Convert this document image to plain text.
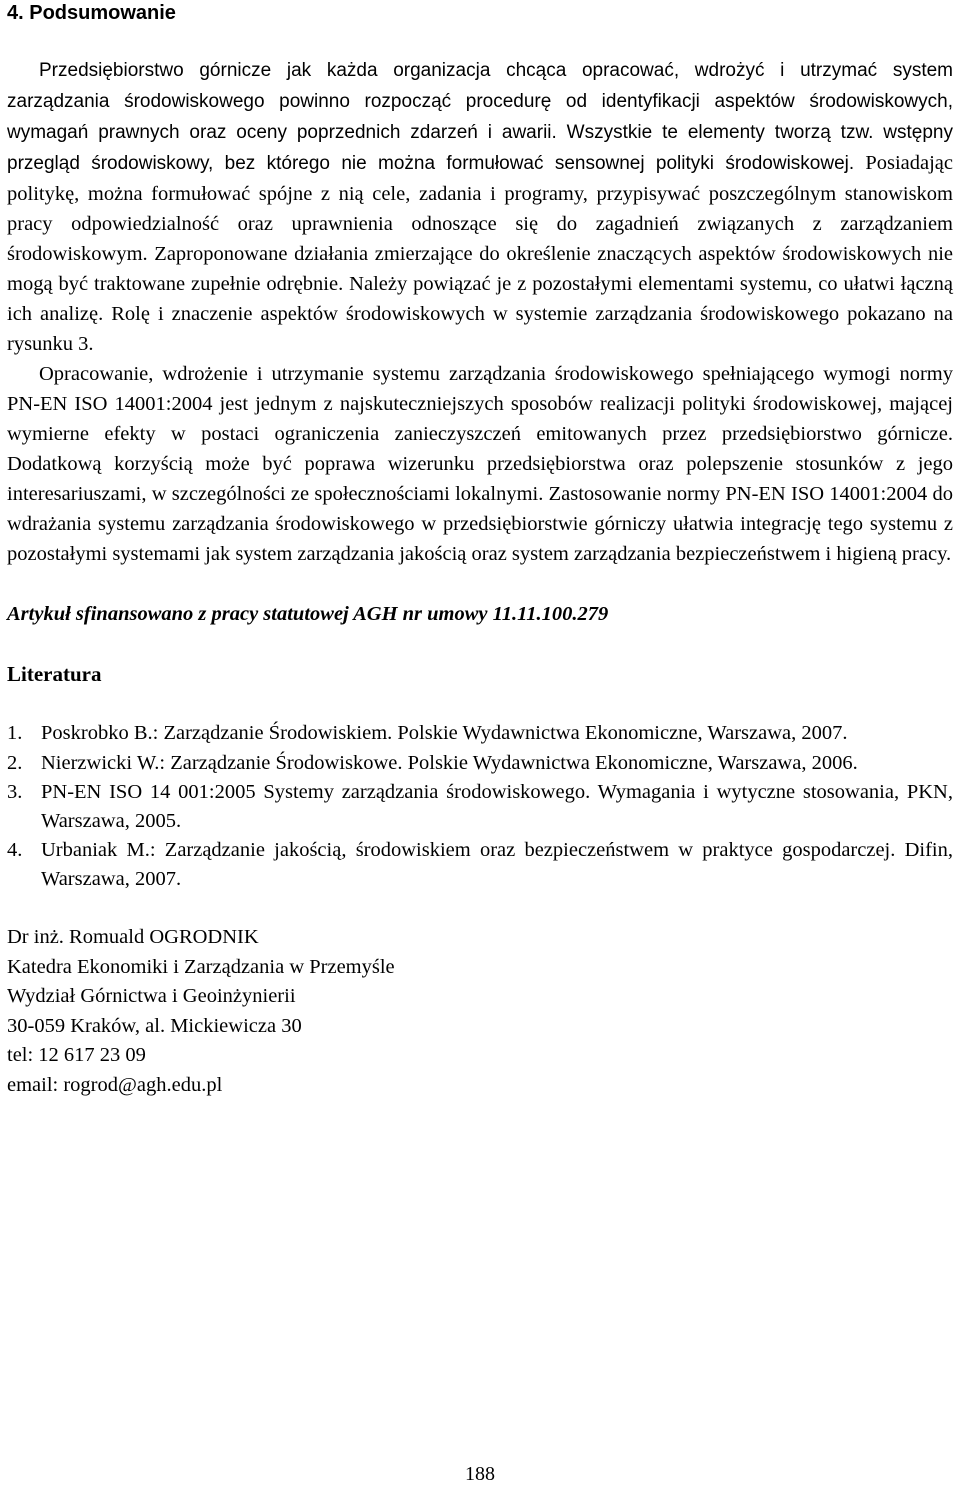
4. Podsumowanie

Przedsiębiorstwo górnicze jak każda organizacja chcąca opracować, wdrożyć i utrzymać system zarządzania środowiskowego powinno rozpocząć procedurę od identyfikacji aspektów środowiskowych, wymagań prawnych oraz oceny poprzednich zdarzeń i awarii. Wszystkie te elementy tworzą tzw. wstępny przegląd środowiskowy, bez którego nie można formułować sensownej polityki środowiskowej. Posiadając politykę, można formułować spójne z nią cele, zadania i programy, przypisywać poszczególnym stanowiskom pracy odpowiedzialność oraz uprawnienia odnoszące się do zagadnień związanych z zarządzaniem środowiskowym. Zaproponowane działania zmierzające do określenie znaczących aspektów środowiskowych nie mogą być traktowane zupełnie odrębnie. Należy powiązać je z pozostałymi elementami systemu, co ułatwi łączną ich analizę. Rolę i znaczenie aspektów środowiskowych w systemie zarządzania środowiskowego pokazano na rysunku 3.

Opracowanie, wdrożenie i utrzymanie systemu zarządzania środowiskowego spełniającego wymogi normy PN-EN ISO 14001:2004 jest jednym z najskuteczniejszych sposobów realizacji polityki środowiskowej, mającej wymierne efekty w postaci ograniczenia zanieczyszczeń emitowanych przez przedsiębiorstwo górnicze. Dodatkową korzyścią może być poprawa wizerunku przedsiębiorstwa oraz polepszenie stosunków z jego interesariuszami, w szczególności ze społecznościami lokalnymi. Zastosowanie normy PN-EN ISO 14001:2004 do wdrażania systemu zarządzania środowiskowego w przedsiębiorstwie górniczy ułatwia integrację tego systemu z pozostałymi systemami jak system zarządzania jakością oraz system zarządzania bezpieczeństwem i higieną pracy.

Artykuł sfinansowano z pracy statutowej AGH nr umowy 11.11.100.279
Literatura
1. Poskrobko B.: Zarządzanie Środowiskiem. Polskie Wydawnictwa Ekonomiczne, Warszawa, 2007.
2. Nierzwicki W.: Zarządzanie Środowiskowe. Polskie Wydawnictwa Ekonomiczne, Warszawa, 2006.
3. PN-EN ISO 14 001:2005 Systemy zarządzania środowiskowego. Wymagania i wytyczne stosowania, PKN, Warszawa, 2005.
4. Urbaniak M.: Zarządzanie jakością, środowiskiem oraz bezpieczeństwem w praktyce gospodarczej. Difin, Warszawa, 2007.
Dr inż. Romuald OGRODNIK
Katedra Ekonomiki i Zarządzania w Przemyśle
Wydział Górnictwa i Geoinżynierii
30-059 Kraków, al. Mickiewicza 30
tel: 12 617 23 09
email: rogrod@agh.edu.pl
188
